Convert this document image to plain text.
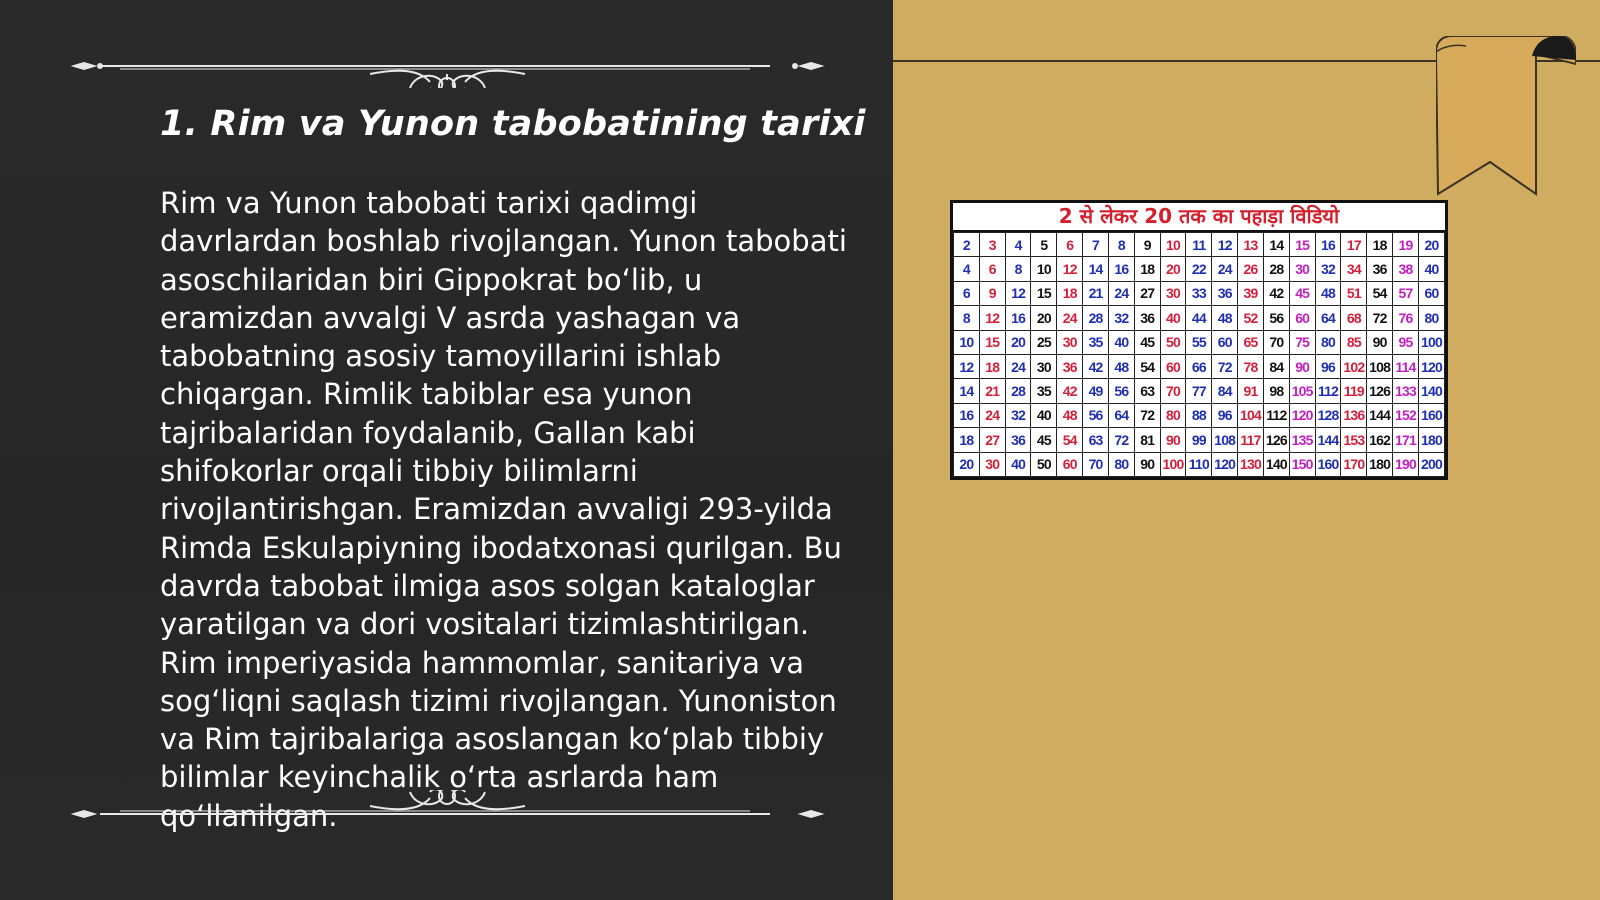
1. Rim va Yunon tabobatining tarixi

Rim va Yunon tabobati tarixi qadimgi davrlardan boshlab rivojlangan. Yunon tabobati asoschilaridan biri Gippokrat bo‘lib, u eramizdan avvalgi V asrda yashagan va tabobatning asosiy tamoyillarini ishlab chiqargan. Rimlik tabiblar esa yunon tajribalaridan foydalanib, Gallan kabi shifokorlar orqali tibbiy bilimlarni rivojlantirishgan. Eramizdan avvaligi 293-yilda Rimda Eskulapiyning ibodatxonasi qurilgan. Bu davrda tabobat ilmiga asos solgan kataloglar yaratilgan va dori vositalari tizimlashtirilgan. Rim imperiyasida hammomlar, sanitariya va sog‘liqni saqlash tizimi rivojlangan. Yunoniston va Rim tajribalariga asoslangan ko‘plab tibbiy bilimlar keyinchalik o‘rta asrlarda ham qo‘llanilgan.

2 से लेकर 20 तक का पहाड़ा विडियो
2	3	4	5	6	7	8	9	10	11	12	13	14	15	16	17	18	19	20
4	6	8	10	12	14	16	18	20	22	24	26	28	30	32	34	36	38	40
6	9	12	15	18	21	24	27	30	33	36	39	42	45	48	51	54	57	60
8	12	16	20	24	28	32	36	40	44	48	52	56	60	64	68	72	76	80
10	15	20	25	30	35	40	45	50	55	60	65	70	75	80	85	90	95	100
12	18	24	30	36	42	48	54	60	66	72	78	84	90	96	102	108	114	120
14	21	28	35	42	49	56	63	70	77	84	91	98	105	112	119	126	133	140
16	24	32	40	48	56	64	72	80	88	96	104	112	120	128	136	144	152	160
18	27	36	45	54	63	72	81	90	99	108	117	126	135	144	153	162	171	180
20	30	40	50	60	70	80	90	100	110	120	130	140	150	160	170	180	190	200
